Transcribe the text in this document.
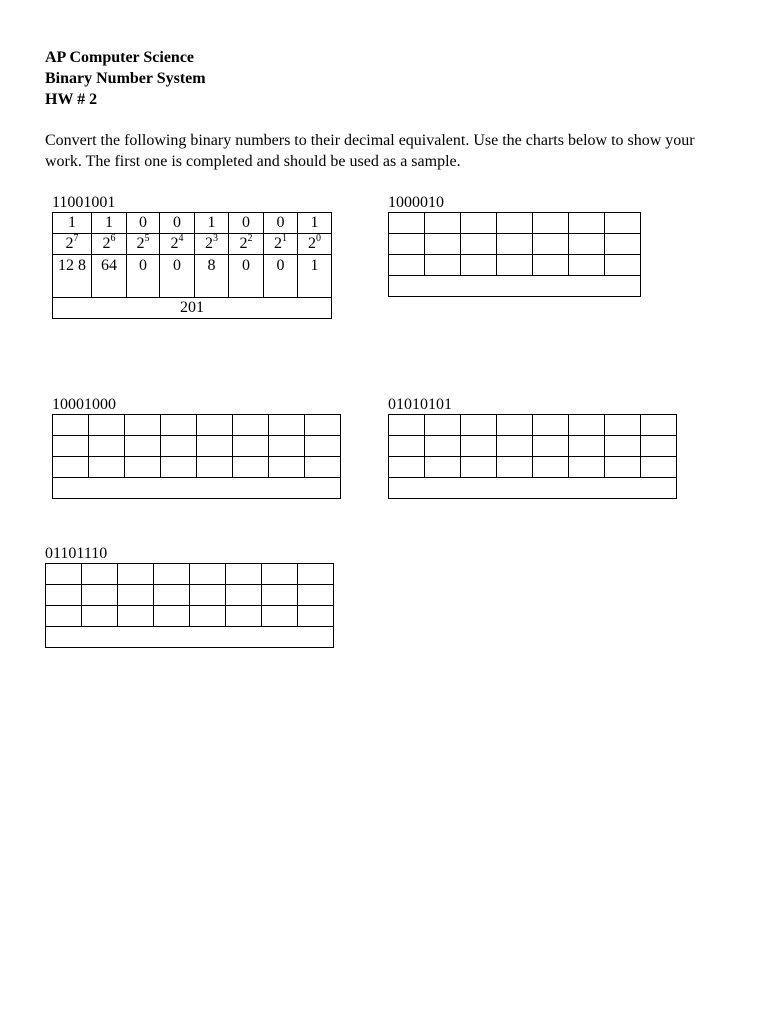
AP Computer Science
Binary Number System
HW # 2
Convert the following binary numbers to their decimal equivalent. Use the charts below to show your work. The first one is completed and should be used as a sample.
11001001
1	1	0	0	1	0	0	1
$2^7$	$2^6$	$2^5$	$2^4$	$2^3$	$2^2$	$2^1$	$2^0$
12 8	64	0	0	8	0	0	1
201							
1000010

10001000

								01010101

01101110
